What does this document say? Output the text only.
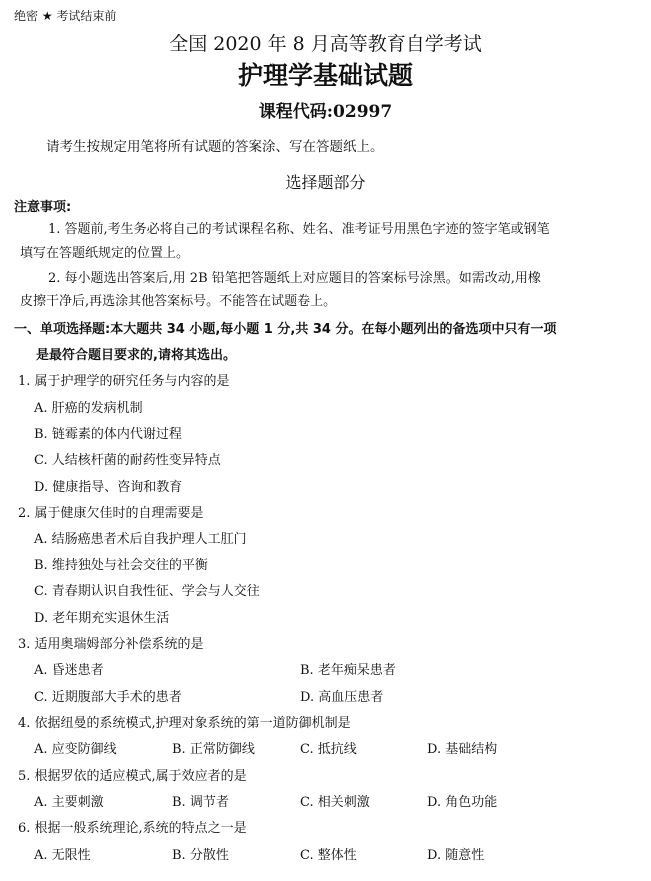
绝密 ★ 考试结束前
全国 2020 年 8 月高等教育自学考试
护理学基础试题
课程代码:02997
请考生按规定用笔将所有试题的答案涂、写在答题纸上。
选择题部分
注意事项:
1. 答题前,考生务必将自己的考试课程名称、姓名、准考证号用黑色字迹的签字笔或钢笔
填写在答题纸规定的位置上。
2. 每小题选出答案后,用 2B 铅笔把答题纸上对应题目的答案标号涂黑。如需改动,用橡
皮擦干净后,再选涂其他答案标号。不能答在试题卷上。
一、单项选择题:本大题共 34 小题,每小题 1 分,共 34 分。在每小题列出的备选项中只有一项
是最符合题目要求的,请将其选出。
1. 属于护理学的研究任务与内容的是
A. 肝癌的发病机制
B. 链霉素的体内代谢过程
C. 人结核杆菌的耐药性变异特点
D. 健康指导、咨询和教育
2. 属于健康欠佳时的自理需要是
A. 结肠癌患者术后自我护理人工肛门
B. 维持独处与社会交往的平衡
C. 青春期认识自我性征、学会与人交往
D. 老年期充实退休生活
3. 适用奥瑞姆部分补偿系统的是
A. 昏迷患者	B. 老年痴呆患者
C. 近期腹部大手术的患者	D. 高血压患者
4. 依据纽曼的系统模式,护理对象系统的第一道防御机制是
A. 应变防御线	B. 正常防御线	C. 抵抗线	D. 基础结构
5. 根据罗依的适应模式,属于效应者的是
A. 主要刺激	B. 调节者	C. 相关刺激	D. 角色功能
6. 根据一般系统理论,系统的特点之一是
A. 无限性	B. 分散性	C. 整体性	D. 随意性
